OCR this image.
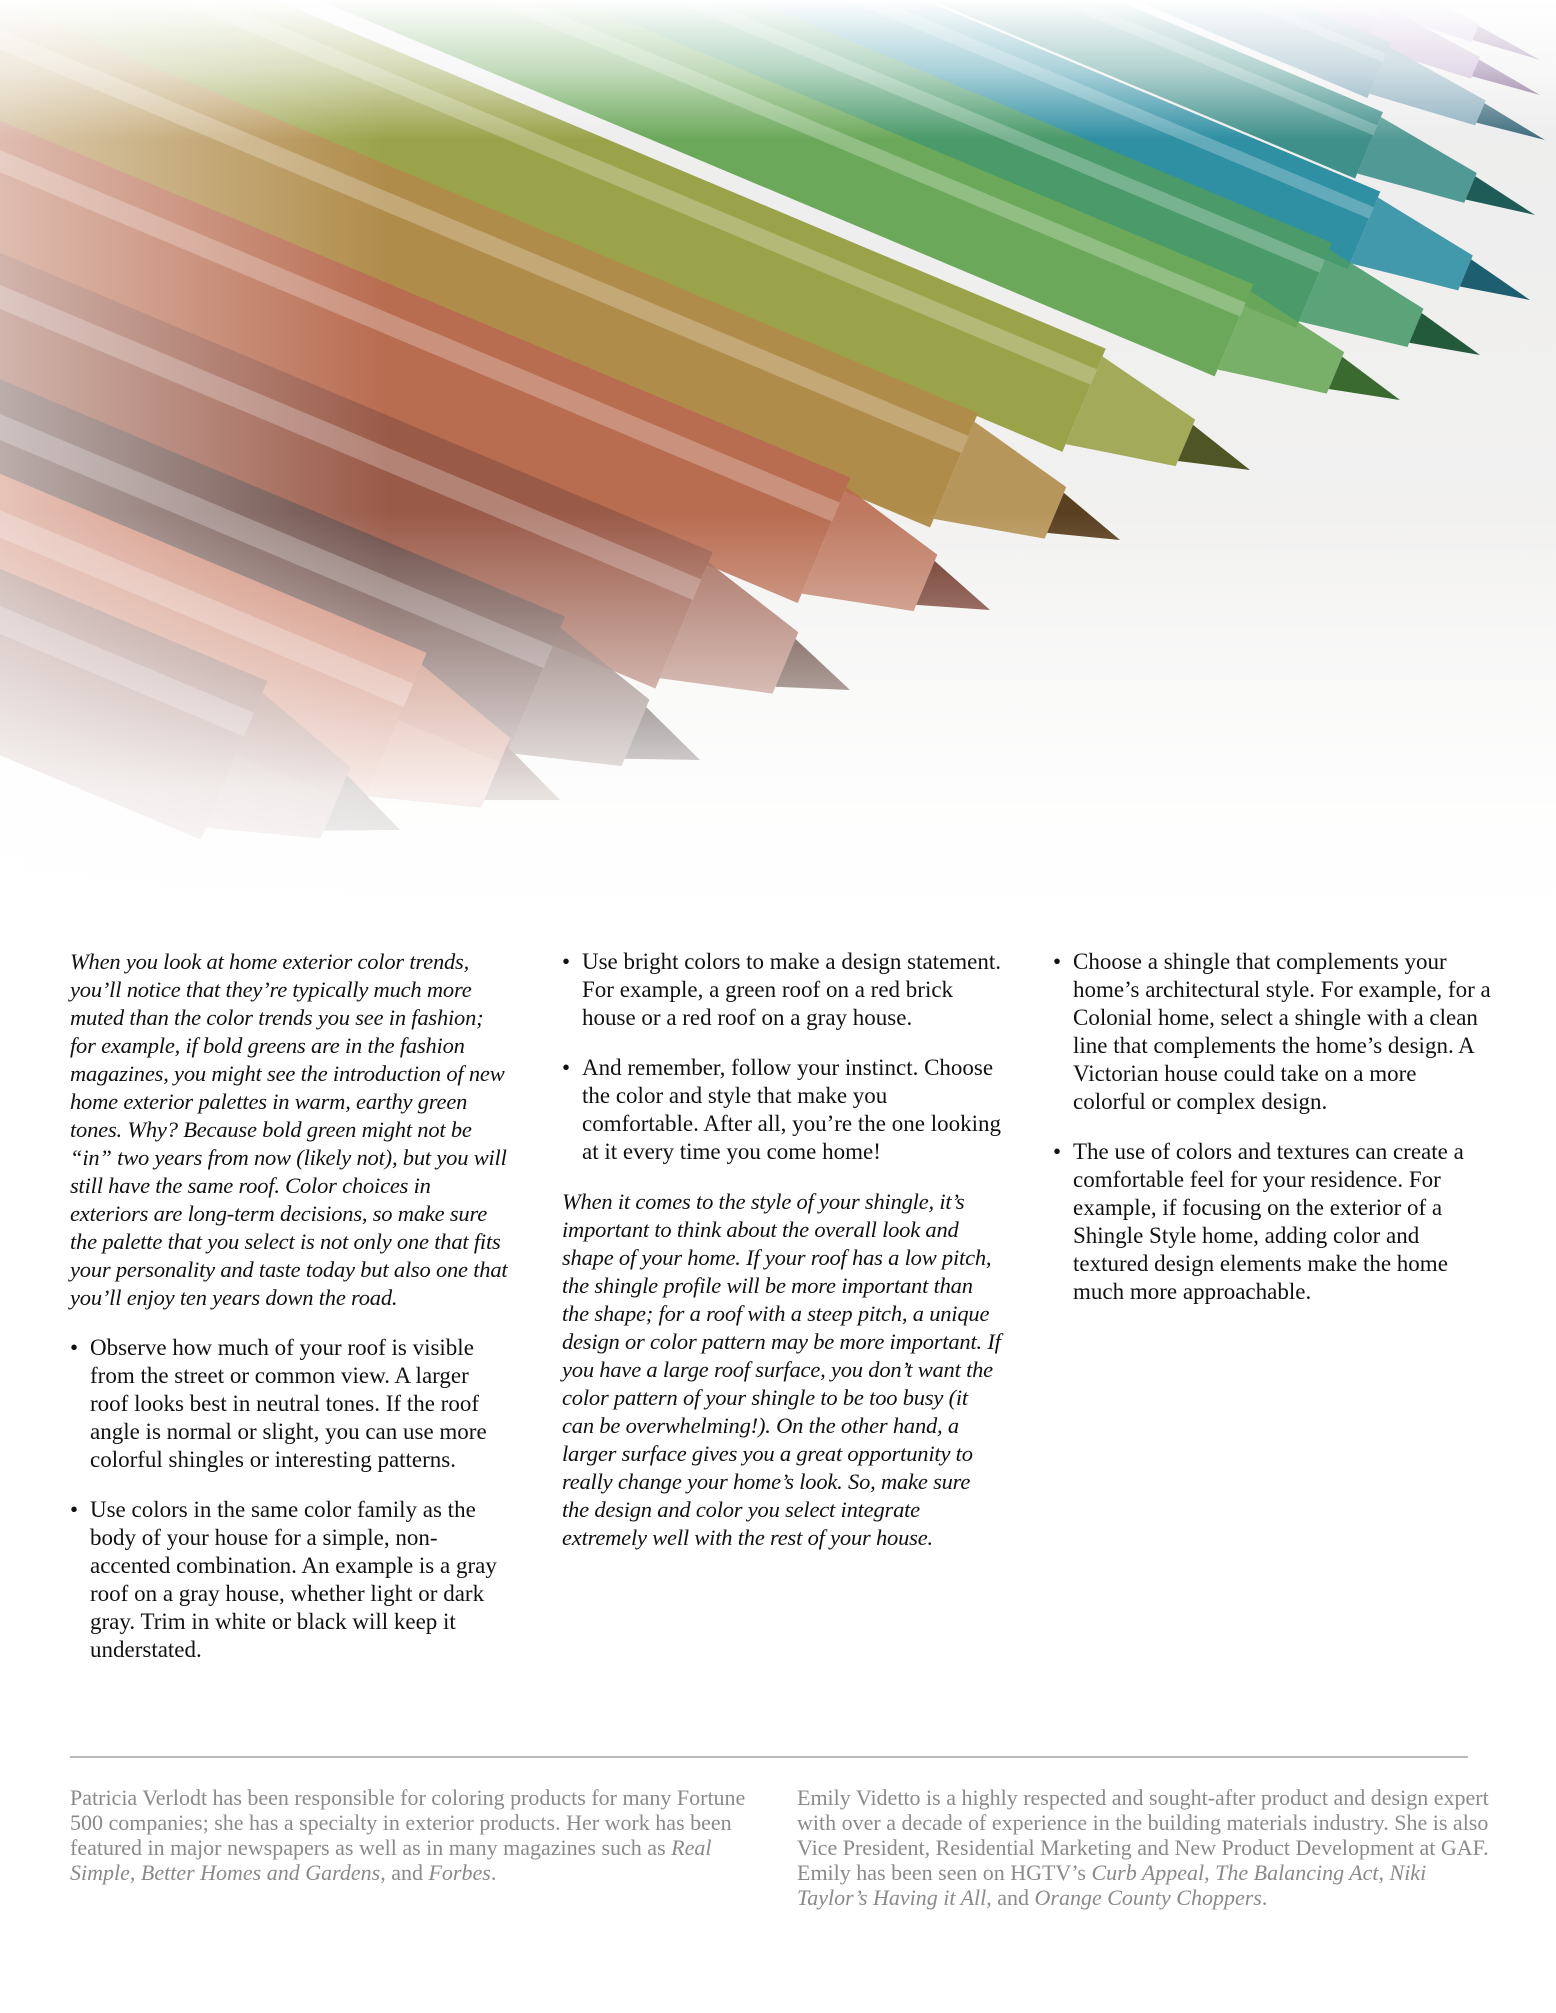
When you look at home exterior color trends, you’ll notice that they’re typically much more muted than the color trends you see in fashion; for example, if bold greens are in the fashion magazines, you might see the introduction of new home exterior palettes in warm, earthy green tones. Why? Because bold green might not be “in” two years from now (likely not), but you will still have the same roof. Color choices in exteriors are long-term decisions, so make sure the palette that you select is not only one that fits your personality and taste today but also one that you’ll enjoy ten years down the road.

• Observe how much of your roof is visible from the street or common view. A larger roof looks best in neutral tones. If the roof angle is normal or slight, you can use more colorful shingles or interesting patterns.
• Use colors in the same color family as the body of your house for a simple, non-accented combination. An example is a gray roof on a gray house, whether light or dark gray. Trim in white or black will keep it understated.
• Use bright colors to make a design statement. For example, a green roof on a red brick house or a red roof on a gray house.
• And remember, follow your instinct. Choose the color and style that make you comfortable. After all, you’re the one looking at it every time you come home!

When it comes to the style of your shingle, it’s important to think about the overall look and shape of your home. If your roof has a low pitch, the shingle profile will be more important than the shape; for a roof with a steep pitch, a unique design or color pattern may be more important. If you have a large roof surface, you don’t want the color pattern of your shingle to be too busy (it can be overwhelming!). On the other hand, a larger surface gives you a great opportunity to really change your home’s look. So, make sure the design and color you select integrate extremely well with the rest of your house.

• Choose a shingle that complements your home’s architectural style. For example, for a Colonial home, select a shingle with a clean line that complements the home’s design. A Victorian house could take on a more colorful or complex design.
• The use of colors and textures can create a comfortable feel for your residence. For example, if focusing on the exterior of a Shingle Style home, adding color and textured design elements make the home much more approachable.
Patricia Verlodt has been responsible for coloring products for many Fortune 500 companies; she has a specialty in exterior products. Her work has been featured in major newspapers as well as in many magazines such as Real Simple, Better Homes and Gardens, and Forbes.
Emily Videtto is a highly respected and sought-after product and design expert with over a decade of experience in the building materials industry. She is also Vice President, Residential Marketing and New Product Development at GAF. Emily has been seen on HGTV’s Curb Appeal, The Balancing Act, Niki Taylor’s Having it All, and Orange County Choppers.
